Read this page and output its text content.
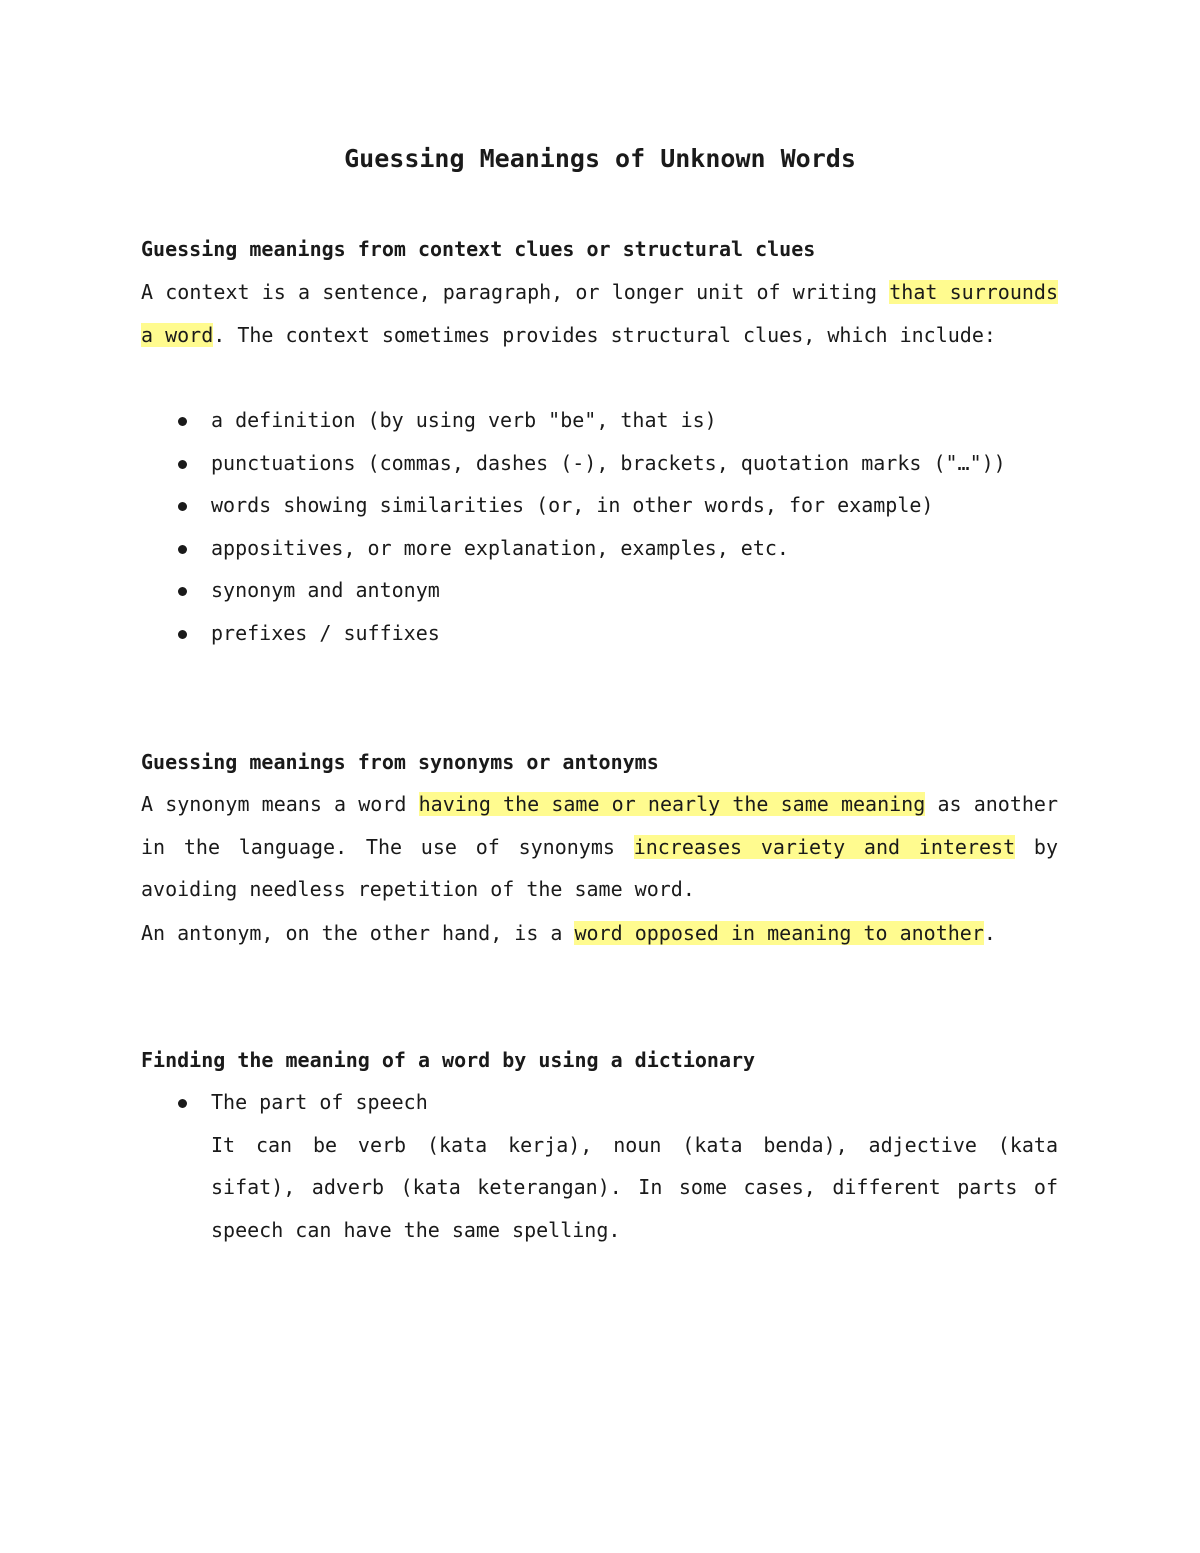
Guessing Meanings of Unknown Words
Guessing meanings from context clues or structural clues

A context is a sentence, paragraph, or longer unit of writing that surrounds a word. The context sometimes provides structural clues, which include:

a definition (by using verb "be", that is)
punctuations (commas, dashes (-), brackets, quotation marks ("…"))
words showing similarities (or, in other words, for example)
appositives, or more explanation, examples, etc.
synonym and antonym
prefixes / suffixes
Guessing meanings from synonyms or antonyms

A synonym means a word having the same or nearly the same meaning as another in the language. The use of synonyms increases variety and interest by avoiding needless repetition of the same word.

An antonym, on the other hand, is a word opposed in meaning to another.

Finding the meaning of a word by using a dictionary
The part of speech
It can be verb (kata kerja), noun (kata benda), adjective (kata sifat), adverb (kata keterangan). In some cases, different parts of speech can have the same spelling.
